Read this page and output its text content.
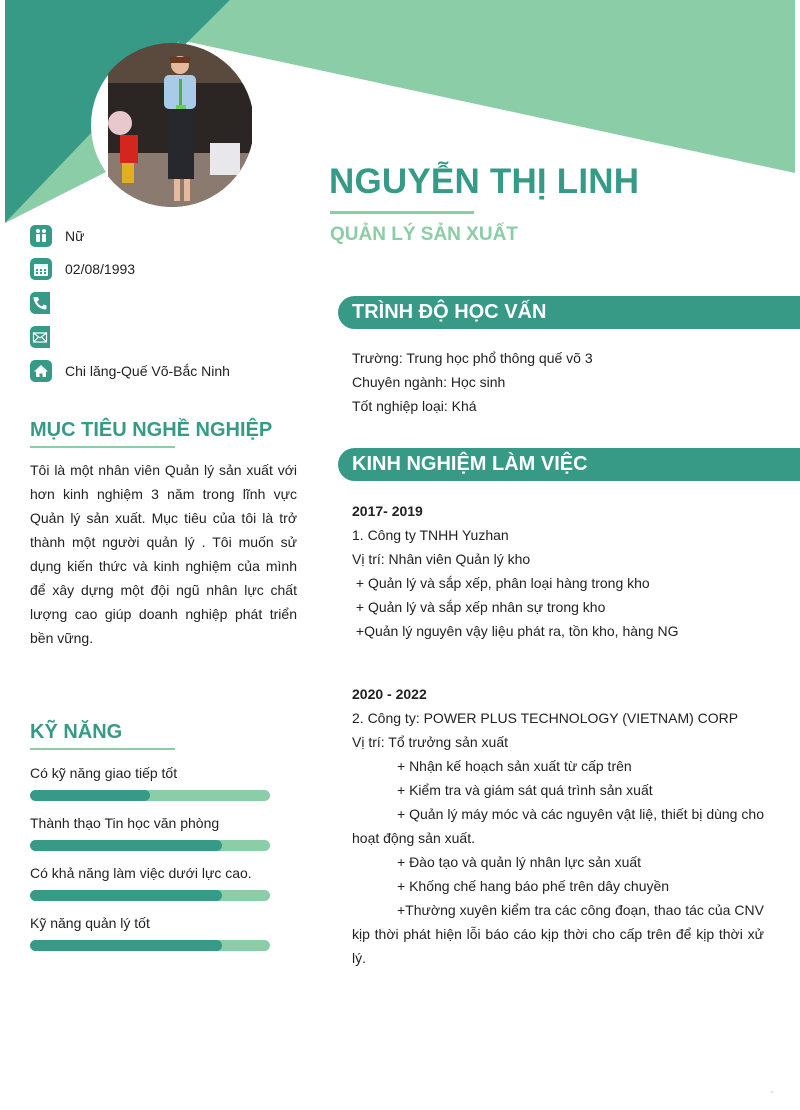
NGUYỄN THỊ LINH
QUẢN LÝ SẢN XUẤT
Nữ
02/08/1993
Chi lăng-Quế Võ-Bắc Ninh
MỤC TIÊU NGHỀ NGHIỆP
Tôi là một nhân viên Quản lý sản xuất với hơn kinh nghiệm 3 năm trong lĩnh vực Quản lý sản xuất. Mục tiêu của tôi là trở thành một người quản lý . Tôi muốn sử dụng kiến thức và kinh nghiệm của mình để xây dựng một đội ngũ nhân lực chất lượng cao giúp doanh nghiệp phát triển bền vững.
KỸ NĂNG
Có kỹ năng giao tiếp tốt
Thành thạo Tin học văn phòng
Có khả năng làm việc dưới lực cao.
Kỹ năng quản lý tốt
TRÌNH ĐỘ HỌC VẤN
Trường: Trung học phổ thông quế võ 3
Chuyên ngành: Học sinh
Tốt nghiệp loại: Khá
KINH NGHIỆM LÀM VIỆC
2017- 2019
1. Công ty TNHH Yuzhan
Vị trí: Nhân viên Quản lý kho
+ Quản lý và sắp xếp, phân loại hàng trong kho
+ Quản lý và sắp xếp nhân sự trong kho
+Quản lý nguyên vậy liệu phát ra, tồn kho, hàng NG
2020 - 2022
2. Công ty: POWER PLUS TECHNOLOGY (VIETNAM) CORP
Vị trí: Tổ trưởng sản xuất
+ Nhận kế hoạch sản xuất từ cấp trên
+ Kiểm tra và giám sát quá trình sản xuất
+ Quản lý máy móc và các nguyên vật liệ, thiết bị dùng cho hoạt động sản xuất.
+ Đào tạo và quản lý nhân lực sản xuất
+ Khống chế hang báo phế trên dây chuyền
+Thường xuyên kiểm tra các công đoạn, thao tác của CNV kịp thời phát hiện lỗi báo cáo kịp thời cho cấp trên để kịp thời xử lý.
